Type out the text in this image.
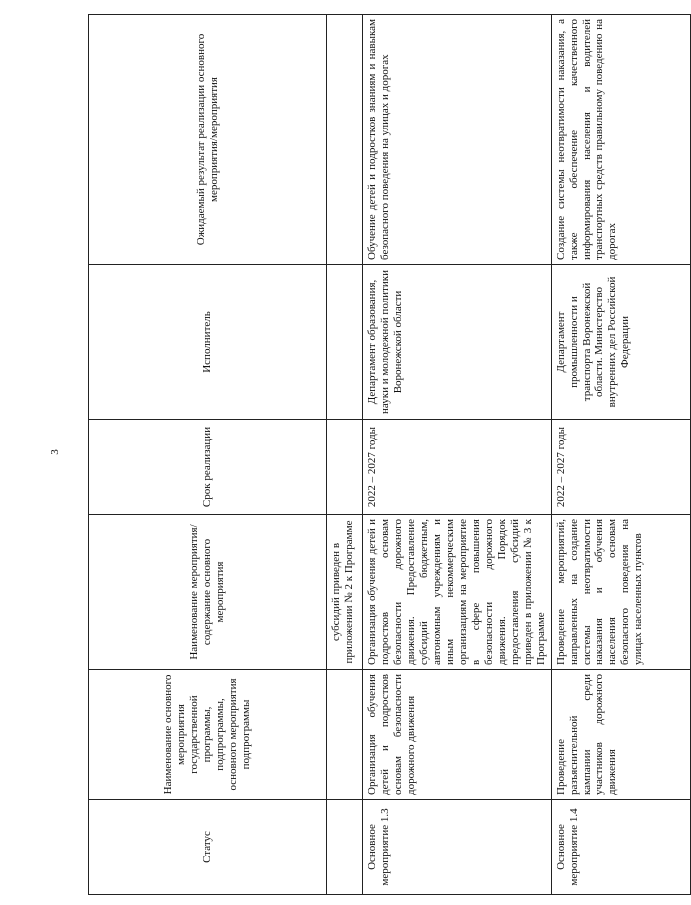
3
Статус	Наименование основного мероприятия государственной программы, подпрограммы, основного мероприятия подпрограммы	Наименование мероприятия/содержание основного мероприятия	Срок реализации	Исполнитель	Ожидаемый результат реализации основного мероприятия/мероприятия
		субсидий приведен в приложении № 2 к Программе			
Основное мероприятие 1.3	Организация обучения детей и подростков основам безопасности дорожного движения	Организация обучения детей и подростков основам безопасности дорожного движения. Предоставление субсидий бюджетным, автономным учреждениям и иным некоммерческим организациям на мероприятие в сфере повышения безопасности дорожного движения. Порядок предоставления субсидий приведен в приложении № 3 к Программе	2022 – 2027 годы	Департамент образования, науки и молодежной политики Воронежской области	Обучение детей и подростков знаниям и навыкам безопасного поведения на улицах и дорогах
Основное мероприятие 1.4	Проведение разъяснительной кампании среди участников дорожного движения	Проведение мероприятий, направленных на создание системы неотвратимости наказания и обучения населения основам безопасного поведения на улицах населенных пунктов	2022 – 2027 годы	Департамент промышленности и транспорта Воронежской области. Министерство внутренних дел Российской Федерации	Создание системы неотвратимости наказания, а также обеспечение качественного информирования населения и водителей транспортных средств правильному поведению на дорогах
